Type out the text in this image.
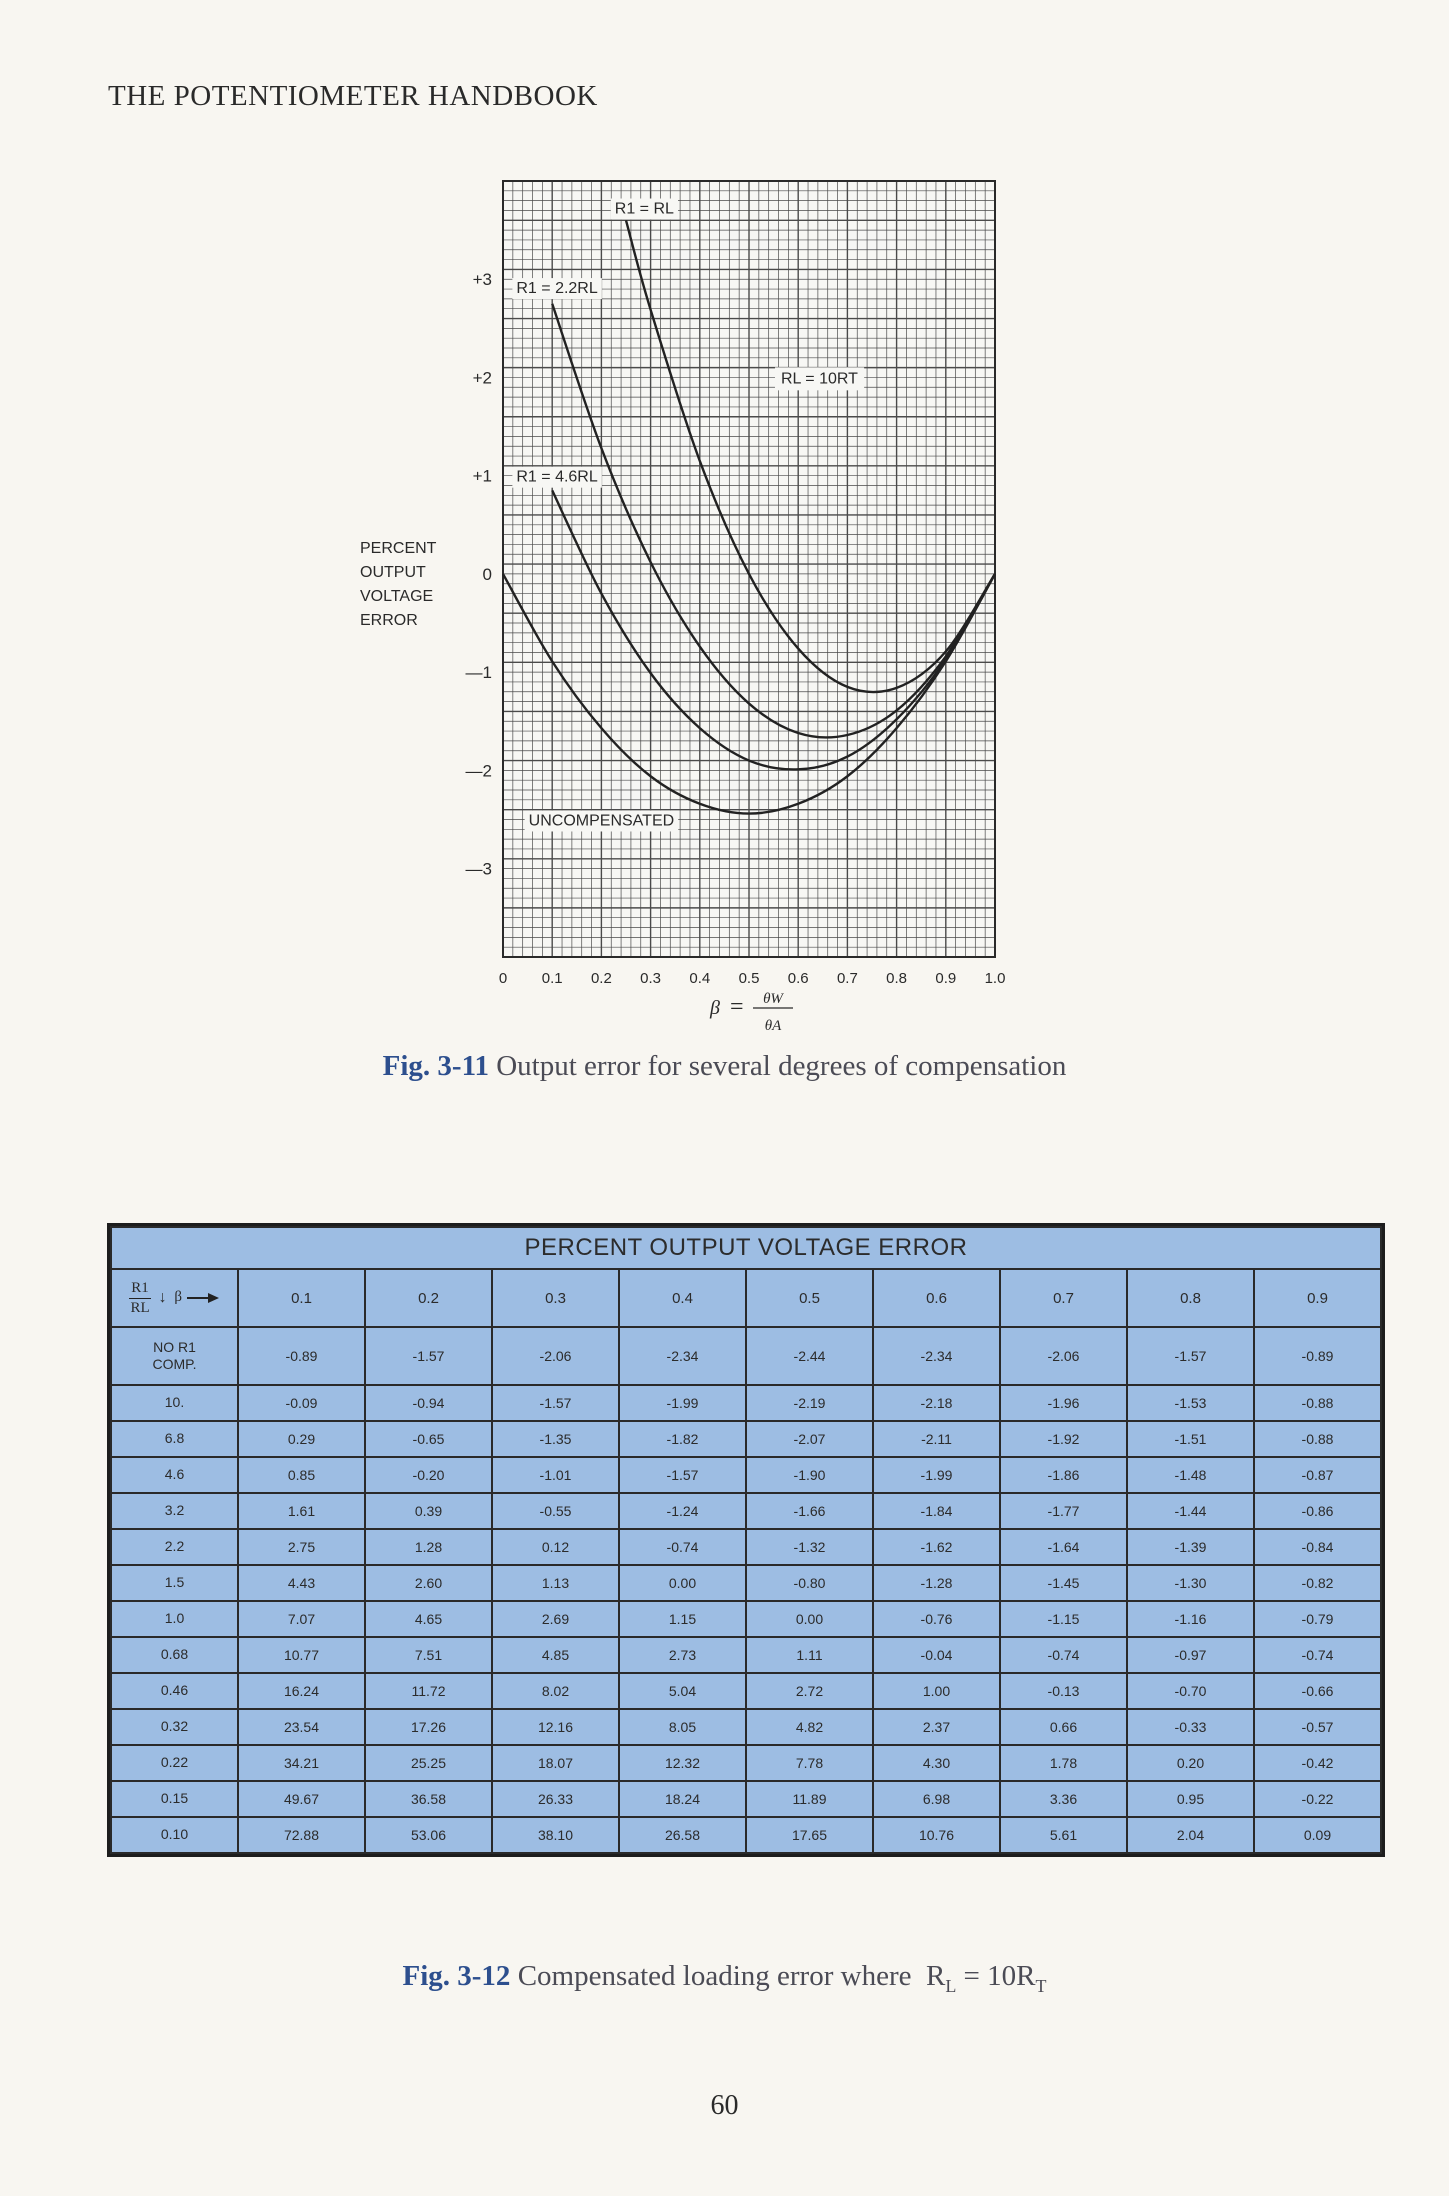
THE POTENTIOMETER HANDBOOK
0 0.1 0.2 0.3 0.4 0.5 0.6 0.7 0.8 0.9 1.0
+3
+2
+1
0
—1
—2
—3
PERCENT
OUTPUT
VOLTAGE
ERROR
β = θW
θA
R1 = RL
R1 = 2.2RL
R1 = 4.6RL
UNCOMPENSATED
RL = 10RT
Fig. 3-11 Output error for several degrees of compensation
PERCENT OUTPUT VOLTAGE ERROR									

$\frac{R1}{RL}$ ↓ β	0.1	0.2	0.3	0.4	0.5	0.6	0.7	0.8	0.9

NO R1
COMP.	-0.89	-1.57	-2.06	-2.34	-2.44	-2.34	-2.06	-1.57	-0.89

10.	-0.09	-0.94	-1.57	-1.99	-2.19	-2.18	-1.96	-1.53	-0.88

6.8	0.29	-0.65	-1.35	-1.82	-2.07	-2.11	-1.92	-1.51	-0.88

4.6	0.85	-0.20	-1.01	-1.57	-1.90	-1.99	-1.86	-1.48	-0.87

3.2	1.61	0.39	-0.55	-1.24	-1.66	-1.84	-1.77	-1.44	-0.86

2.2	2.75	1.28	0.12	-0.74	-1.32	-1.62	-1.64	-1.39	-0.84

1.5	4.43	2.60	1.13	0.00	-0.80	-1.28	-1.45	-1.30	-0.82

1.0	7.07	4.65	2.69	1.15	0.00	-0.76	-1.15	-1.16	-0.79

0.68	10.77	7.51	4.85	2.73	1.11	-0.04	-0.74	-0.97	-0.74

0.46	16.24	11.72	8.02	5.04	2.72	1.00	-0.13	-0.70	-0.66

0.32	23.54	17.26	12.16	8.05	4.82	2.37	0.66	-0.33	-0.57

0.22	34.21	25.25	18.07	12.32	7.78	4.30	1.78	0.20	-0.42

0.15	49.67	36.58	26.33	18.24	11.89	6.98	3.36	0.95	-0.22

0.10	72.88	53.06	38.10	26.58	17.65	10.76	5.61	2.04	0.09
Fig. 3-12 Compensated loading error where $R_L = 10R_T$
60
